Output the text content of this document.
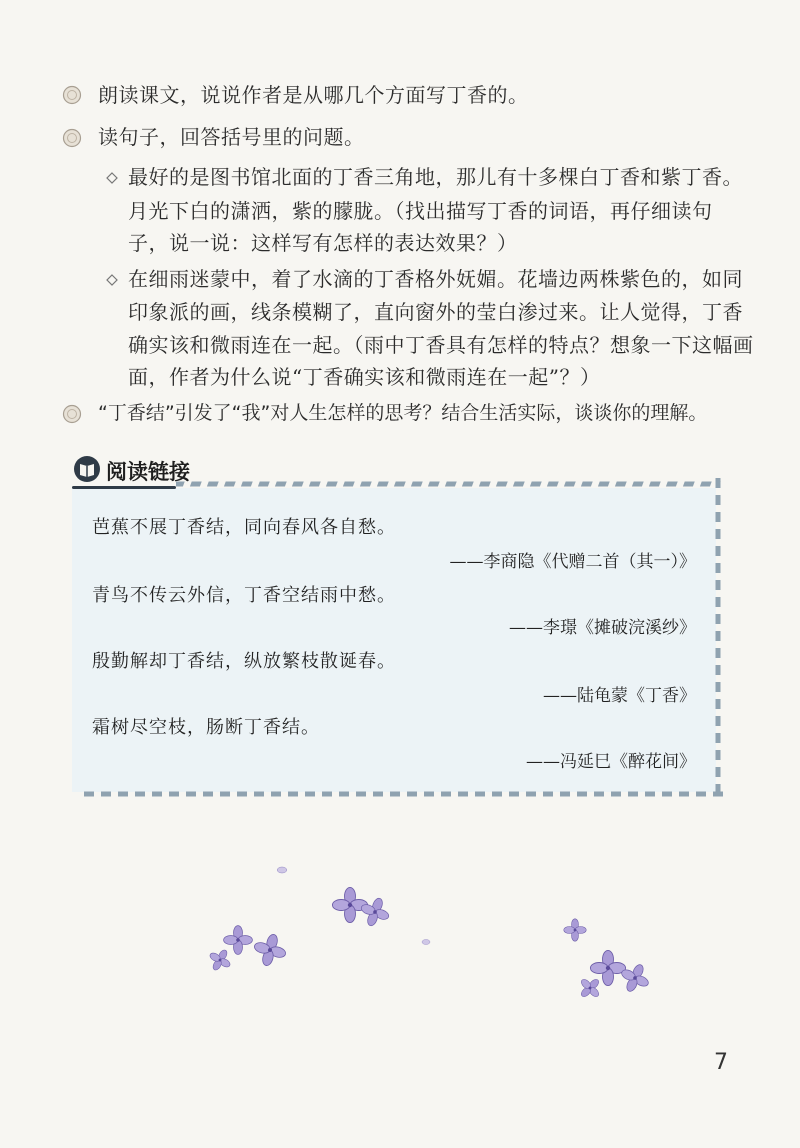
朗读课文，说说作者是从哪几个方面写丁香的。
读句子，回答括号里的问题。
最好的是图书馆北面的丁香三角地，那儿有十多棵白丁香和紫丁香。
月光下白的潇洒，紫的朦胧。（找出描写丁香的词语，再仔细读句
子，说一说：这样写有怎样的表达效果？）
在细雨迷蒙中，着了水滴的丁香格外妩媚。花墙边两株紫色的，如同
印象派的画，线条模糊了，直向窗外的莹白渗过来。让人觉得，丁香
确实该和微雨连在一起。（雨中丁香具有怎样的特点？想象一下这幅画
面，作者为什么说“丁香确实该和微雨连在一起”？）
“丁香结”引发了“我”对人生怎样的思考？结合生活实际，谈谈你的理解。
阅读链接
芭蕉不展丁香结，同向春风各自愁。
——李商隐《代赠二首（其一）》
青鸟不传云外信，丁香空结雨中愁。
——李璟《摊破浣溪纱》
殷勤解却丁香结，纵放繁枝散诞春。
——陆龟蒙《丁香》
霜树尽空枝，肠断丁香结。
——冯延巳《醉花间》
7
